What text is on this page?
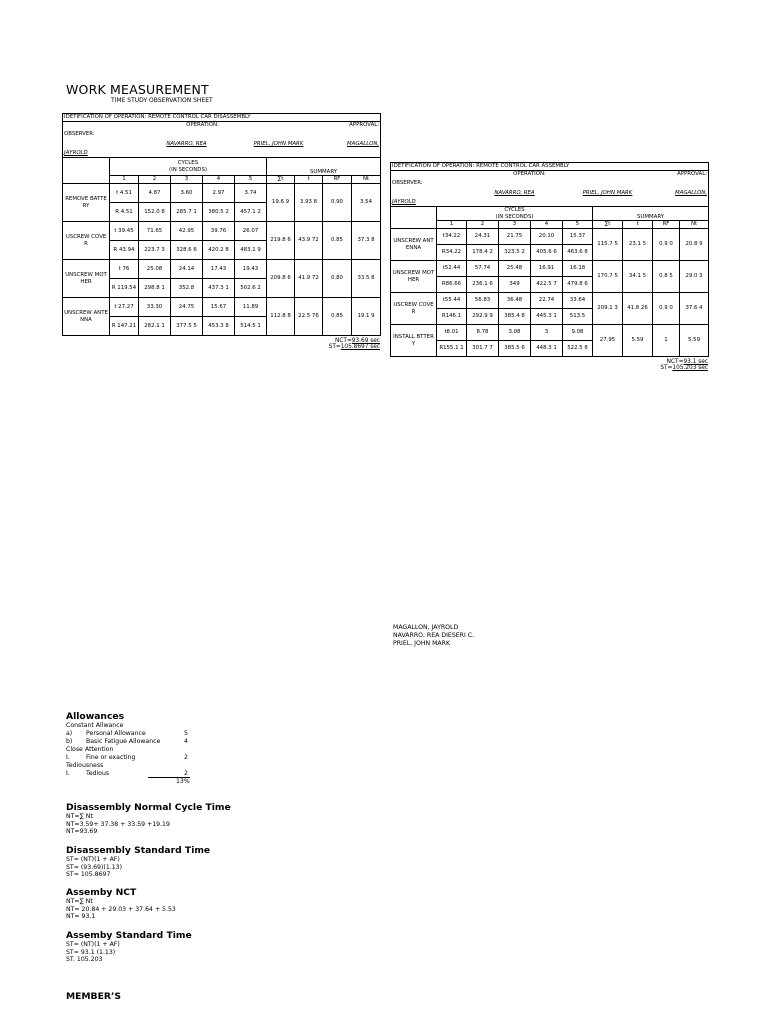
WORK MEASUREMENT
TIME STUDY OBSERVATION SHEET
IDETIFICATION OF OPERATION: REMOTE CONTROL CAR DISASSEMBLY									
		OPERATION:				APPROVAL:			
OBSERVER:									
		NAVARRO, REA			PRIEL, JOHN MARK			MAGALLON,	
JAYROLD									
	CYCLES
(IN SECONDS)					SUMMARY			
	1	2	3	4	5	∑t	t	RF	Nt
REMOVE BATTERY	t 4.51	4.87	3.60	2.97	3.74	19.6 9	3.93 8	0.90	3.54
	R 4.51	152.0 8	285.7 1	380.5 2	457.1 2				
USCREW COVER	t 39.45	71.65	42.95	39.76	26.07	219.8 6	43.9 72	0.85	37.3 8
	R 43.94	223.7 3	328.6 6	420.2 8	483.1 9				
UNSCREW MOTHER	t 76	25.08	24.14	17.43	19.43	209.8 6	41.9 72	0.80	33.5 8
	R 119.54	298.8 1	352.8	437.3 1	502.6 2				
UNSCREW ANTENNA	t 27.27	33.30	24.75	15.67	11.89	112.8 8	22.5 76	0.85	19.1 9
	R 147.21	282.1 1	377.5 5	453.3 8	514.5 1				
NCT=93.69 sec
ST=105.8697 sec
IDETIFICATION OF OPERATION: REMOTE CONTROL CAR ASSEMBLY									
		OPERATION:				APPROVAL:			
OBSERVER:									
		NAVARRO, REA			PRIEL, JOHN MARK			MAGALLON,	
JAYROLD									
	CYCLES
(IN SECONDS)					SUMMARY			
	1	2	3	4	5	∑t	t	RF	Nt
UNSCREW ANTENNA	t34.22	24.31	21.75	20.10	15.37	115.7 5	23.1 5	0.9 0	20.8 9
	R34.22	178.4 2	323.5 2	405.6 6	463.6 8				
UNSCREW MOTHER	t52.44	57.74	25.48	16.91	16.18	170.7 5	34.1 5	0.8 5	29.0 3
	R86.66	236.1 6	349	422.5 7	479.8 6				
USCREW COVER	t55.44	56.83	36.48	22.74	33.64	209.1 3	41.8 26	0.9 0	37.6 4
	R146.1	292.9 9	385.4 8	445.3 1	513.5				
INSTALL BTTERY	t8.01	8.78	3.08	3	9.08	27.95	5.59	1	5.59
	R155.1 1	301.7 7	385.5 6	448.3 1	522.5 8				
NCT=93.1 sec
ST=105.203 sec
MAGALLON, JAYROLD
NAVARRO, REA DIESERI C.
PRIEL, JOHN MARK
Allowances
Constant Allwance
a) Personal Allowance	5
b) Basic Fatigue Allowance	4
Close Attention
I.	Fine or exacting	2
Tediousness
I.	Tedious	2
13%
Disassembly Normal Cycle Time
NT=∑ Nt
NT=3.59+ 37.38 + 33.59 +19.19
NT=93.69
Disassembly Standard Time
ST= (NT)(1 + AF)
ST= (93.69)(1.13)
ST= 105.8697
Assemby NCT
NT=∑ Nt
NT= 20.84 + 29.03 + 37.64 + 5.53
NT= 93.1
Assemby Standard Time
ST= (NT)(1 + AF)
ST= 93.1 (1.13)
ST. 105.203
MEMBER’S
